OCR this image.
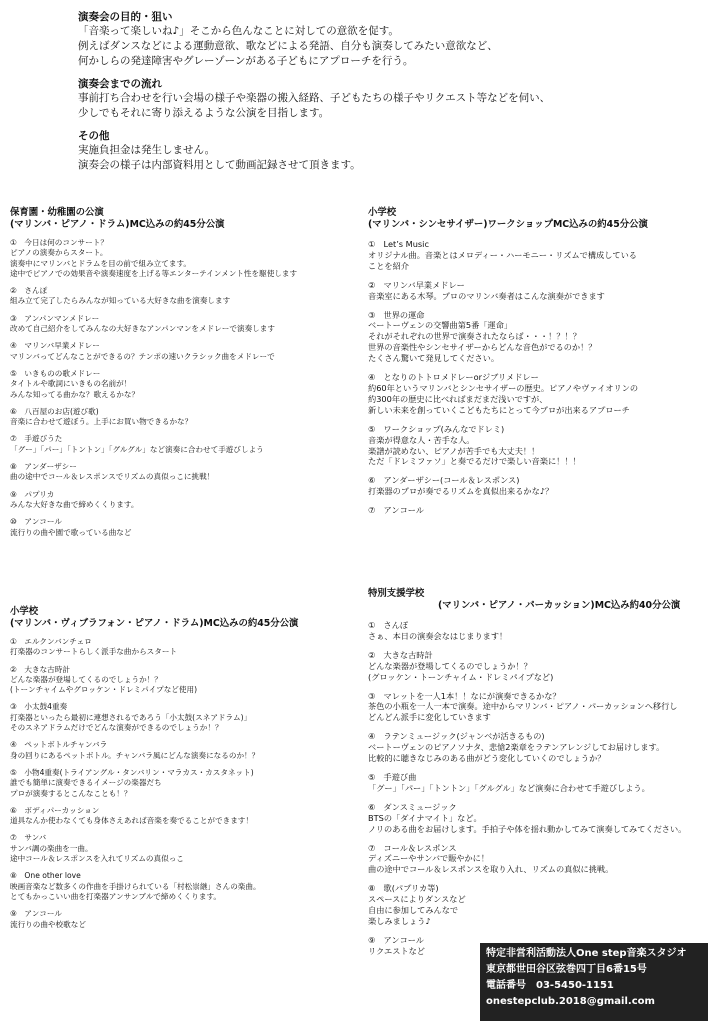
演奏会の目的・狙い
「音楽って楽しいね♪」そこから色んなことに対しての意欲を促す。
例えばダンスなどによる運動意欲、歌などによる発語、自分も演奏してみたい意欲など、
何かしらの発達障害やグレーゾーンがある子どもにアプローチを行う。
演奏会までの流れ
事前打ち合わせを行い会場の様子や楽器の搬入経路、子どもたちの様子やリクエスト等などを伺い、
少しでもそれに寄り添えるような公演を目指します。
その他
実施負担金は発生しません。
演奏会の様子は内部資料用として動画記録させて頂きます。
保育園・幼稚園の公演
(マリンバ・ピアノ・ドラム)MC込みの約45分公演
①　今日は何のコンサート？
ピアノの演奏からスタート。
演奏中にマリンバとドラムを目の前で組み立てます。
途中でピアノでの効果音や演奏速度を上げる等エンターテインメント性を駆使します
②　さんぽ
組み立て完了したらみんなが知っている大好きな曲を演奏します
③　アンパンマンメドレー
改めて自己紹介をしてみんなの大好きなアンパンマンをメドレーで演奏します
④　マリンバ早業メドレー
マリンバってどんなことができるの？テンポの速いクラシック曲をメドレーで
⑤　いきものの歌メドレー
タイトルや歌詞にいきもの名前が！
みんな知ってる曲かな？歌えるかな？
⑥　八百屋のお店(遊び歌)
音楽に合わせて遊ぼう。上手にお買い物できるかな？
⑦　手遊びうた
「グー」「パー」「トントン」「グルグル」など演奏に合わせて手遊びしよう
⑧　アンダーザシー
曲の途中でコール＆レスポンスでリズムの真似っこに挑戦！
⑨　パプリカ
みんな大好きな曲で締めくくります。
⑩　アンコール
流行りの曲や園で歌っている曲など
小学校
(マリンバ・ヴィブラフォン・ピアノ・ドラム)MC込みの約45分公演
①　エルクンバンチェロ
打楽器のコンサートらしく派手な曲からスタート
②　大きな古時計
どんな楽器が登場してくるのでしょうか！？
(トーンチャイムやグロッケン・ドレミパイプなど使用)
③　小太鼓4重奏
打楽器といったら最初に連想されるであろう「小太鼓(スネアドラム)」
そのスネアドラムだけでどんな演奏ができるのでしょうか！？
④　ペットボトルチャンバラ
身の回りにあるペットボトル。チャンバラ風にどんな演奏になるのか！？
⑤　小物4重奏(トライアングル・タンバリン・マラカス・カスタネット)
誰でも簡単に演奏できるイメージの楽器だち
プロが演奏するとこんなことも！？
⑥　ボディパーカッション
道具なんか使わなくても身体さえあれば音楽を奏でることができます！
⑦　サンバ
サンバ調の楽曲を一曲。
途中コール＆レスポンスを入れてリズムの真似っこ
⑧　One other love
映画音楽など数多くの作曲を手掛けられている「村松崇継」さんの楽曲。
とてもかっこいい曲を打楽器アンサンブルで締めくくります。
⑨　アンコール
流行りの曲や校歌など
小学校
(マリンバ・シンセサイザー)ワークショップMC込みの約45分公演
①　Let’s Music
オリジナル曲。音楽とはメロディー・ハーモニー・リズムで構成している
ことを紹介
②　マリンバ早業メドレー
音楽室にある木琴。プロのマリンバ奏者はこんな演奏ができます
③　世界の運命
ベートーヴェンの交響曲第5番「運命」
それがそれぞれの世界で演奏されたならば・・・！？！？
世界の音楽性やシンセサイザーからどんな音色がでるのか！？
たくさん驚いて発見してください。
④　となりのトトロメドレーorジブリメドレー
約60年というマリンバとシンセサイザーの歴史。ピアノやヴァイオリンの
約300年の歴史に比べればまだまだ浅いですが、
新しい未来を創っていくこどもたちにとって今プロが出来るアプローチ
⑤　ワークショップ(みんなでドレミ)
音楽が得意な人・苦手な人。
楽譜が読めない、ピアノが苦手でも大丈夫！！
ただ「ドレミファソ」と奏でるだけで楽しい音楽に！！！
⑥　アンダーザシー(コール＆レスポンス)
打楽器のプロが奏でるリズムを真似出来るかな♪？
⑦　アンコール
特別支援学校
(マリンバ・ピアノ・パーカッション)MC込み約40分公演
①　さんぽ
さぁ、本日の演奏会なはじまります！
②　大きな古時計
どんな楽器が登場してくるのでしょうか！？
(グロッケン・トーンチャイム・ドレミパイプなど)
③　マレットを一人1本！！なにが演奏できるかな？
茶色の小瓶を一人一本で演奏。途中からマリンバ・ピアノ・パーカッションへ移行し
どんどん派手に変化していきます
④　ラテンミュージック(ジャンベが活きるもの)
ベートーヴェンのピアノソナタ、悲愴2楽章をラテンアレンジしてお届けします。
比較的に聴きなじみのある曲がどう変化していくのでしょうか？
⑤　手遊び曲
「グー」「パー」「トントン」「グルグル」など演奏に合わせて手遊びしよう。
⑥　ダンスミュージック
BTSの「ダイナマイト」など。
ノリのある曲をお届けします。手拍子や体を揺れ動かしてみて演奏してみてください。
⑦　コール＆レスポンス
ディズニーやサンバで賑やかに！
曲の途中でコール＆レスポンスを取り入れ、リズムの真似に挑戦。
⑧　歌(パプリカ等)
スペースによりダンスなど
自由に参加してみんなで
楽しみましょう♪
⑨　アンコール
リクエストなど	特定非営利活動法人One step音楽スタジオ
東京都世田谷区弦巻四丁目6番15号
電話番号　03-5450-1151
onestepclub.2018@gmail.com
